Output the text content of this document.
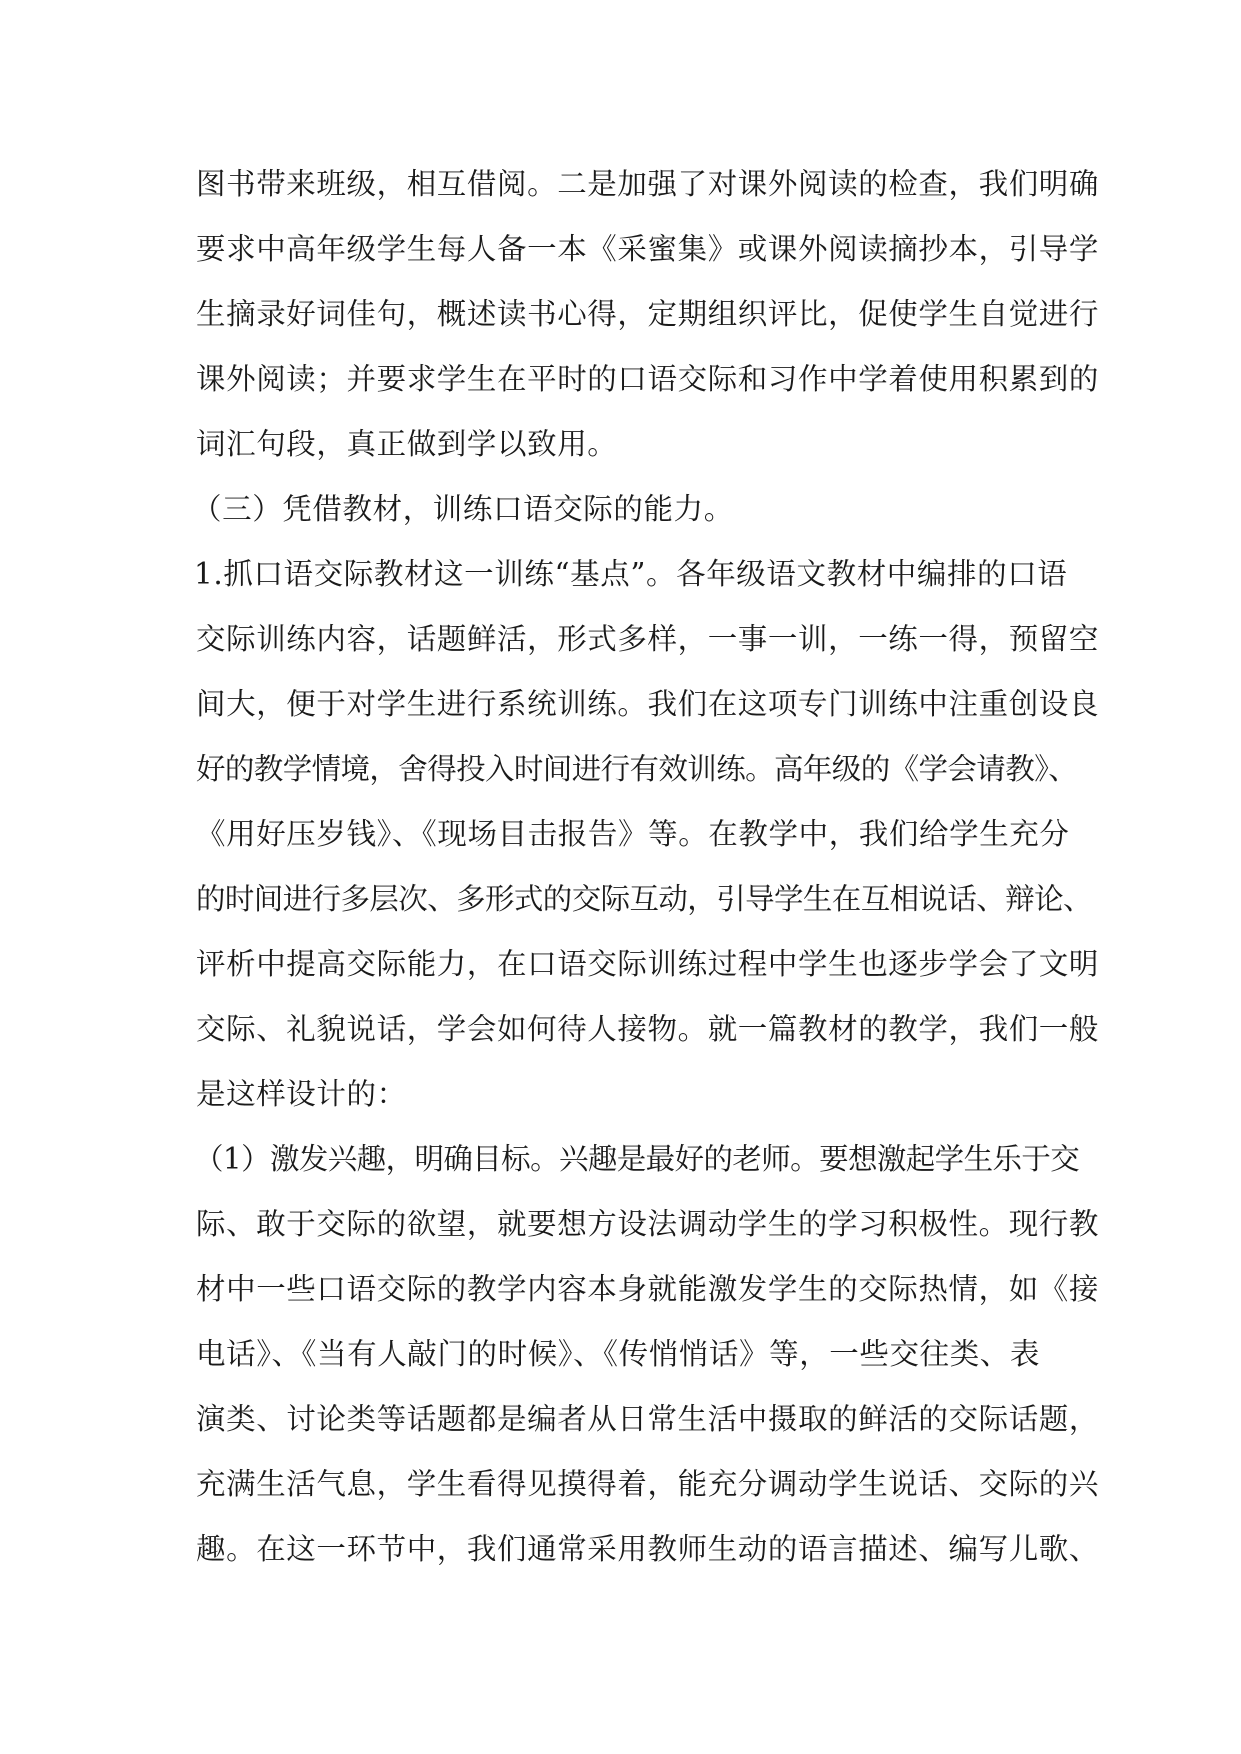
图书带来班级，相互借阅。二是加强了对课外阅读的检查，我们明确

要求中高年级学生每人备一本《采蜜集》或课外阅读摘抄本，引导学

生摘录好词佳句，概述读书心得，定期组织评比，促使学生自觉进行

课外阅读；并要求学生在平时的口语交际和习作中学着使用积累到的

词汇句段，真正做到学以致用。

（三）凭借教材，训练口语交际的能力。

1.抓口语交际教材这一训练“基点”。各年级语文教材中编排的口语

交际训练内容，话题鲜活，形式多样，一事一训，一练一得，预留空

间大，便于对学生进行系统训练。我们在这项专门训练中注重创设良

好的教学情境，舍得投入时间进行有效训练。高年级的《学会请教》、

《用好压岁钱》、《现场目击报告》等。在教学中，我们给学生充分

的时间进行多层次、多形式的交际互动，引导学生在互相说话、辩论、

评析中提高交际能力，在口语交际训练过程中学生也逐步学会了文明

交际、礼貌说话，学会如何待人接物。就一篇教材的教学，我们一般

是这样设计的：

（1）激发兴趣，明确目标。兴趣是最好的老师。要想激起学生乐于交

际、敢于交际的欲望，就要想方设法调动学生的学习积极性。现行教

材中一些口语交际的教学内容本身就能激发学生的交际热情，如《接

电话》、《当有人敲门的时候》、《传悄悄话》等，一些交往类、表

演类、讨论类等话题都是编者从日常生活中摄取的鲜活的交际话题，

充满生活气息，学生看得见摸得着，能充分调动学生说话、交际的兴

趣。在这一环节中，我们通常采用教师生动的语言描述、编写儿歌、
